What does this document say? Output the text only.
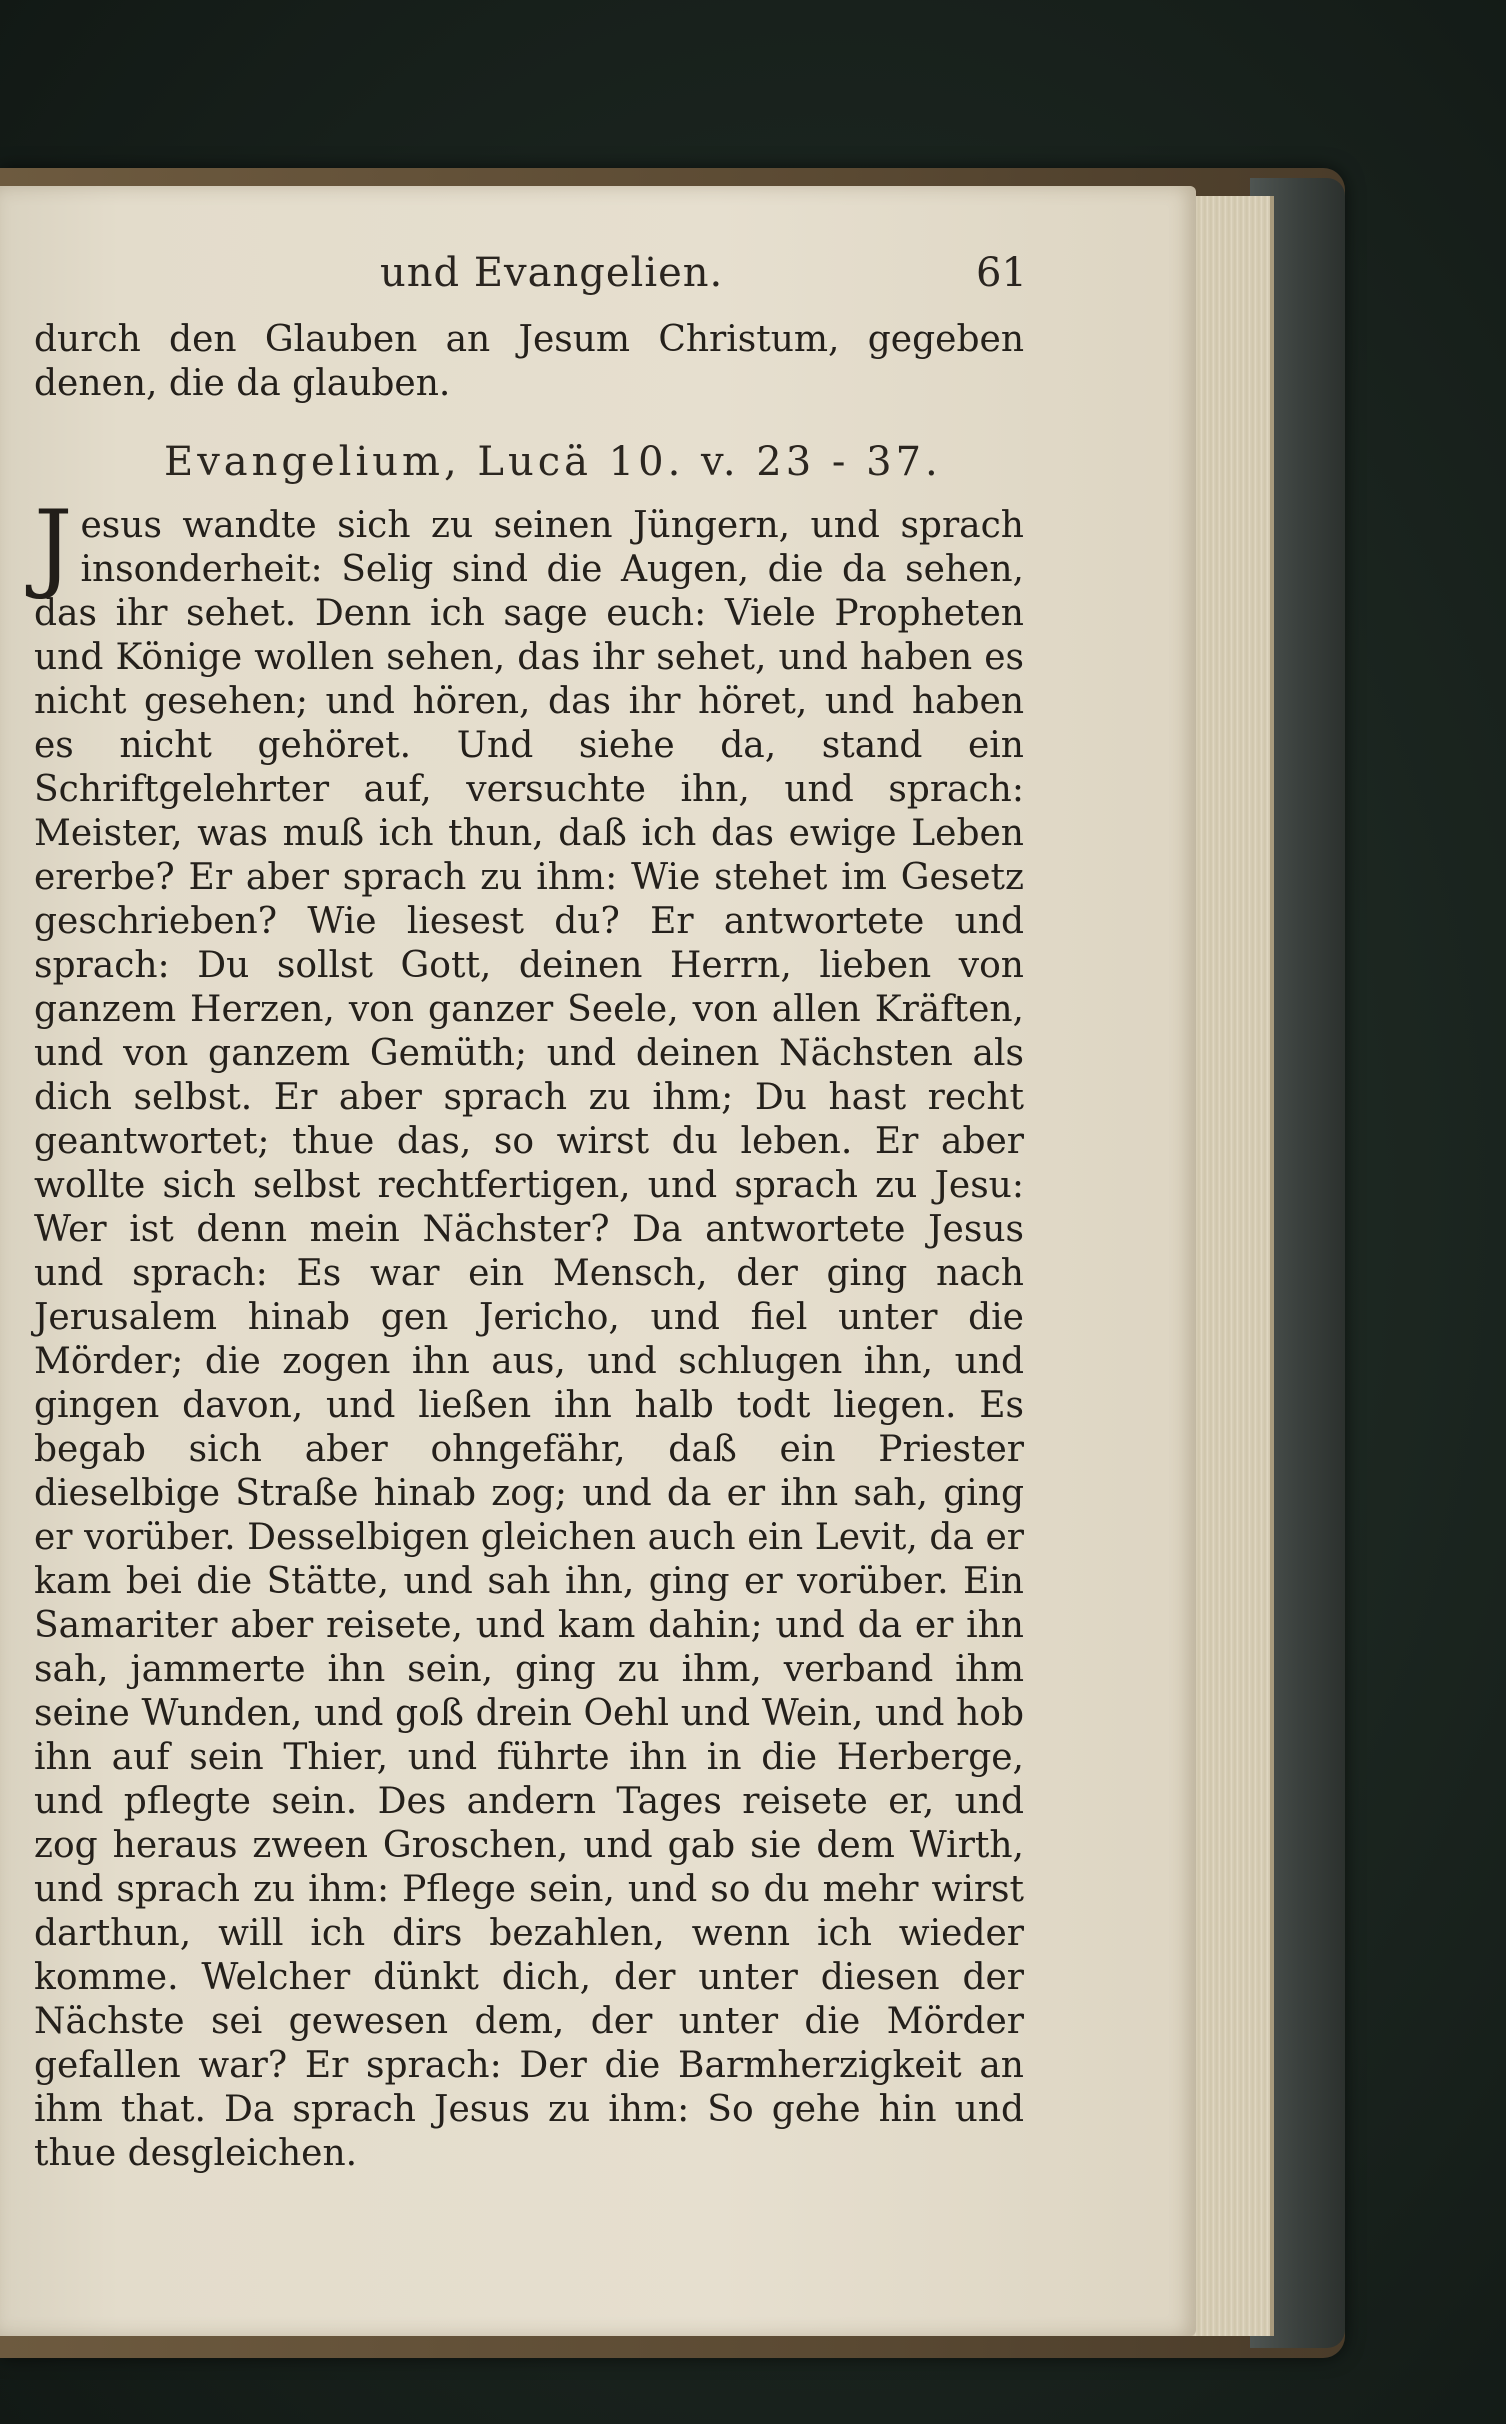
und Evangelien.	61

durch den Glauben an Jesum Christum, gegeben denen, die da glauben.

Evangelium, Lucä 10. v. 23 - 37.

Jesus wandte sich zu seinen Jüngern, und sprach insonderheit: Selig sind die Augen, die da sehen, das ihr sehet. Denn ich sage euch: Viele Propheten und Könige wollen sehen, das ihr sehet, und haben es nicht gesehen; und hören, das ihr höret, und haben es nicht gehöret. Und siehe da, stand ein Schriftgelehrter auf, versuchte ihn, und sprach: Meister, was muß ich thun, daß ich das ewige Leben ererbe? Er aber sprach zu ihm: Wie stehet im Gesetz geschrieben? Wie liesest du? Er antwortete und sprach: Du sollst Gott, deinen Herrn, lieben von ganzem Herzen, von ganzer Seele, von allen Kräften, und von ganzem Gemüth; und deinen Nächsten als dich selbst. Er aber sprach zu ihm; Du hast recht geantwortet; thue das, so wirst du leben. Er aber wollte sich selbst rechtfertigen, und sprach zu Jesu: Wer ist denn mein Nächster? Da antwortete Jesus und sprach: Es war ein Mensch, der ging nach Jerusalem hinab gen Jericho, und fiel unter die Mörder; die zogen ihn aus, und schlugen ihn, und gingen davon, und ließen ihn halb todt liegen. Es begab sich aber ohngefähr, daß ein Priester dieselbige Straße hinab zog; und da er ihn sah, ging er vorüber. Desselbigen gleichen auch ein Levit, da er kam bei die Stätte, und sah ihn, ging er vorüber. Ein Samariter aber reisete, und kam dahin; und da er ihn sah, jammerte ihn sein, ging zu ihm, verband ihm seine Wunden, und goß drein Oehl und Wein, und hob ihn auf sein Thier, und führte ihn in die Herberge, und pflegte sein. Des andern Tages reisete er, und zog heraus zween Groschen, und gab sie dem Wirth, und sprach zu ihm: Pflege sein, und so du mehr wirst darthun, will ich dirs bezahlen, wenn ich wieder komme. Welcher dünkt dich, der unter diesen der Nächste sei gewesen dem, der unter die Mörder gefallen war? Er sprach: Der die Barmherzigkeit an ihm that. Da sprach Jesus zu ihm: So gehe hin und thue desgleichen.
